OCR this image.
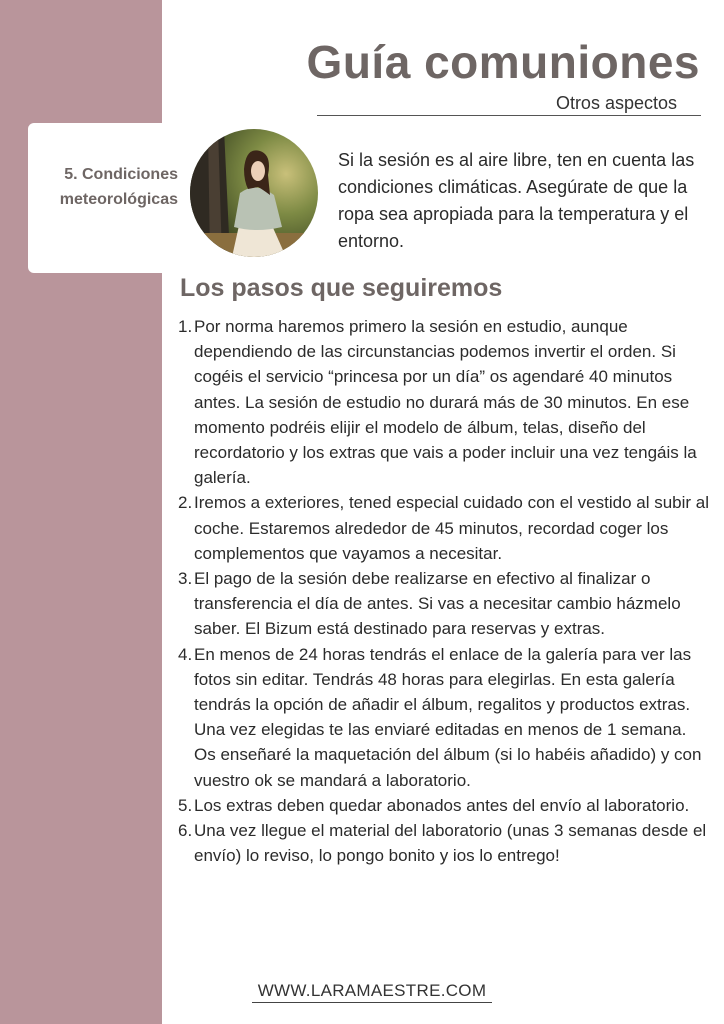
Guía comuniones
Otros aspectos
5. Condiciones meteorológicas

Si la sesión es al aire libre, ten en cuenta las condiciones climáticas. Asegúrate de que la ropa sea apropiada para la temperatura y el entorno.

Los pasos que seguiremos
1. Por norma haremos primero la sesión en estudio, aunque dependiendo de las circunstancias podemos invertir el orden. Si cogéis el servicio “princesa por un día” os agendaré 40 minutos antes. La sesión de estudio no durará más de 30 minutos. En ese momento podréis elijir el modelo de álbum, telas, diseño del recordatorio y los extras que vais a poder incluir una vez tengáis la galería.
2. Iremos a exteriores, tened especial cuidado con el vestido al subir al coche. Estaremos alrededor de 45 minutos, recordad coger los complementos que vayamos a necesitar.
3. El pago de la sesión debe realizarse en efectivo al finalizar o transferencia el día de antes. Si vas a necesitar cambio házmelo saber. El Bizum está destinado para reservas y extras.
4. En menos de 24 horas tendrás el enlace de la galería para ver las fotos sin editar. Tendrás 48 horas para elegirlas. En esta galería tendrás la opción de añadir el álbum, regalitos y productos extras. Una vez elegidas te las enviaré editadas en menos de 1 semana. Os enseñaré la maquetación del álbum (si lo habéis añadido) y con vuestro ok se mandará a laboratorio.
5. Los extras deben quedar abonados antes del envío al laboratorio.
6. Una vez llegue el material del laboratorio (unas 3 semanas desde el envío) lo reviso, lo pongo bonito y ios lo entrego!
WWW.LARAMAESTRE.COM
